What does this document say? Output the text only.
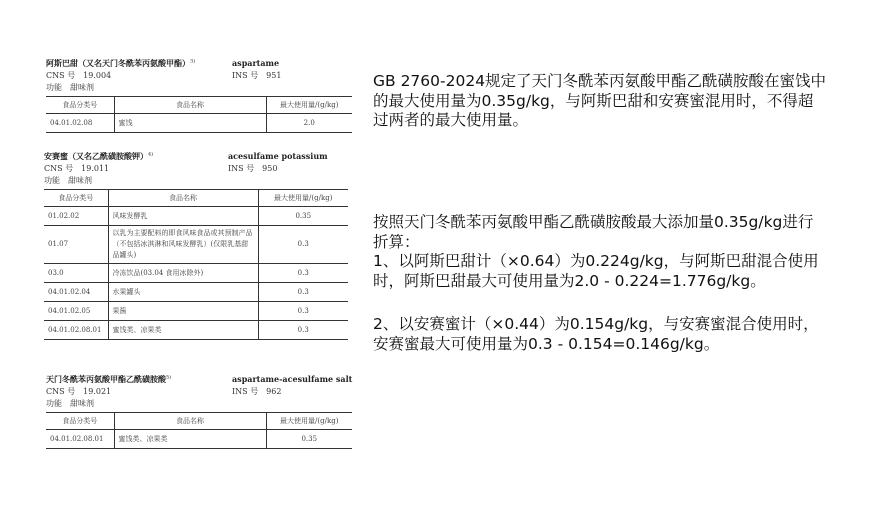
阿斯巴甜（又名天门冬酰苯丙氨酸甲酯）$^{3)}$	aspartame
CNS 号　19.004	INS 号　951
功能　甜味剂
食品分类号	食品名称	最大使用量/(g/kg)
04.01.02.08	蜜饯	2.0
安赛蜜（又名乙酰磺胺酸钾）$^{4)}$	acesulfame potassium
CNS 号　19.011	INS 号　950
功能　甜味剂
食品分类号	食品名称	最大使用量/(g/kg)
01.02.02	风味发酵乳	0.35
01.07	以乳为主要配料的即食风味食品或其预制产品（不包括冰淇淋和风味发酵乳）(仅限乳基甜品罐头)	0.3
03.0	冷冻饮品(03.04 食用冰除外)	0.3
04.01.02.04	水果罐头	0.3
04.01.02.05	果酱	0.3
04.01.02.08.01	蜜饯类、凉果类	0.3
天门冬酰苯丙氨酸甲酯乙酰磺胺酸$^{5)}$	aspartame-acesulfame salt
CNS 号　19.021	INS 号　962
功能　甜味剂
食品分类号	食品名称	最大使用量/(g/kg)
04.01.02.08.01	蜜饯类、凉果类	0.35
GB 2760-2024规定了天门冬酰苯丙氨酸甲酯乙酰磺胺酸在蜜饯中
的最大使用量为0.35g/kg，与阿斯巴甜和安赛蜜混用时，不得超
过两者的最大使用量。
按照天门冬酰苯丙氨酸甲酯乙酰磺胺酸最大添加量0.35g/kg进行
折算：
1、以阿斯巴甜计（×0.64）为0.224g/kg，与阿斯巴甜混合使用
时，阿斯巴甜最大可使用量为2.0 - 0.224=1.776g/kg。
2、以安赛蜜计（×0.44）为0.154g/kg，与安赛蜜混合使用时，
安赛蜜最大可使用量为0.3 - 0.154=0.146g/kg。
